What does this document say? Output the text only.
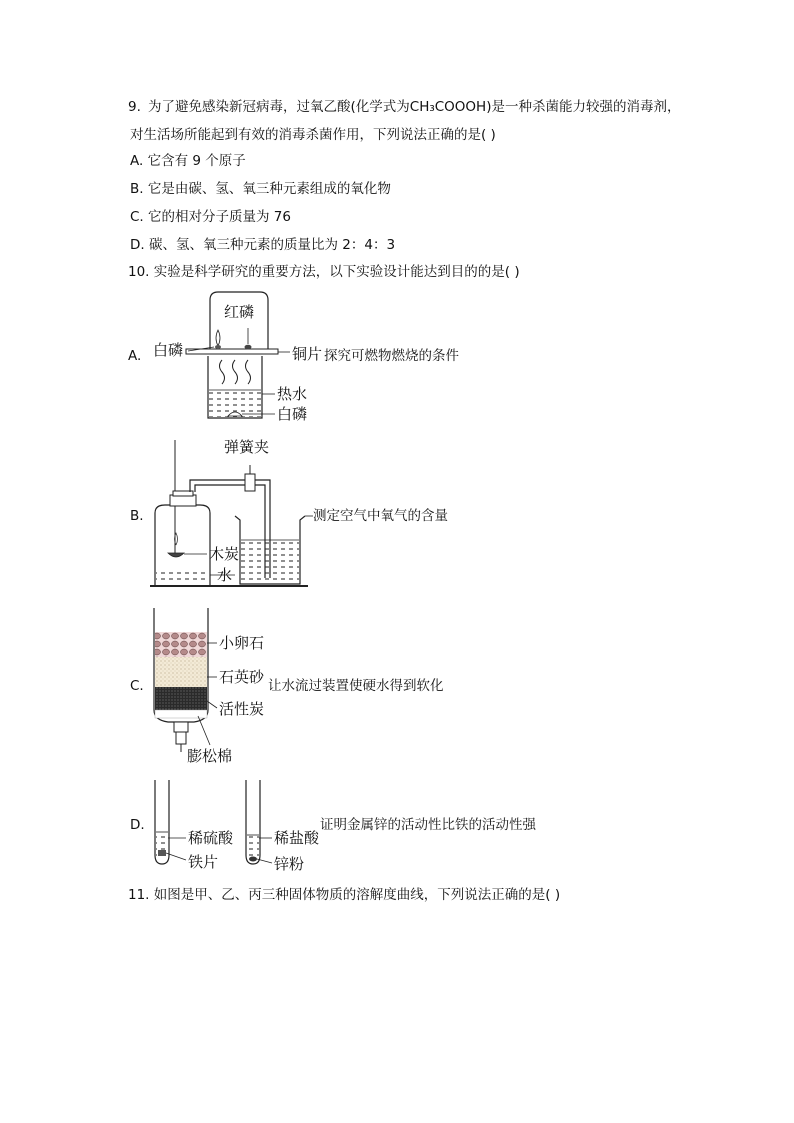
9. 为了避免感染新冠病毒，过氧乙酸(化学式为CH₃COOOH)是一种杀菌能力较强的消毒剂，
对生活场所能起到有效的消毒杀菌作用，下列说法正确的是( )
A. 它含有 9 个原子
B. 它是由碳、氢、氧三种元素组成的氧化物
C. 它的相对分子质量为 76
D. 碳、氢、氧三种元素的质量比为 2：4：3
10. 实验是科学研究的重要方法，以下实验设计能达到目的的是( )
A.
红磷
白磷	铜片 探究可燃物燃烧的条件
热水
白磷
B.
弹簧夹
测定空气中氧气的含量
木炭
水
C.
小卵石
石英砂 让水流过装置使硬水得到软化
活性炭
膨松棉
D.
稀硫酸
铁片
稀盐酸
锌粉
证明金属锌的活动性比铁的活动性强
11. 如图是甲、乙、丙三种固体物质的溶解度曲线，下列说法正确的是( )
